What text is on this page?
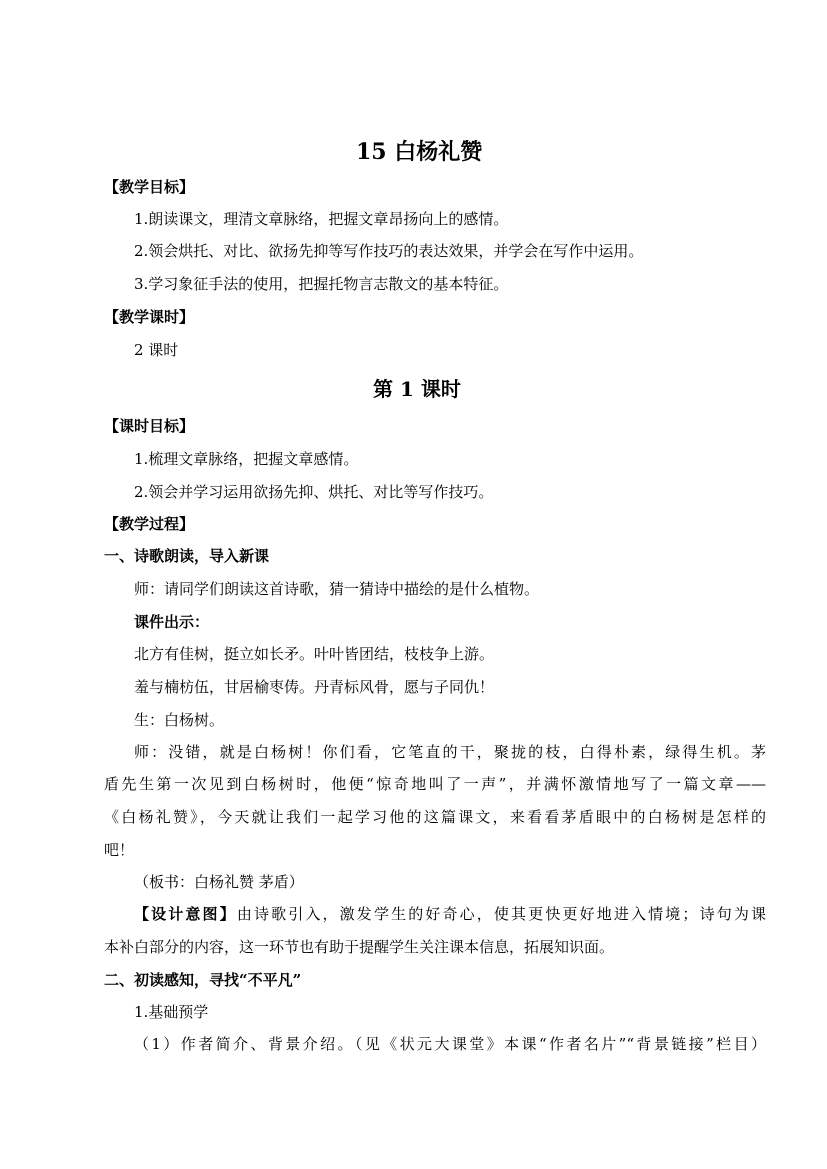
15 白杨礼赞
【教学目标】
1.朗读课文，理清文章脉络，把握文章昂扬向上的感情。
2.领会烘托、对比、欲扬先抑等写作技巧的表达效果，并学会在写作中运用。
3.学习象征手法的使用，把握托物言志散文的基本特征。
【教学课时】
2 课时
第 1 课时
【课时目标】
1.梳理文章脉络，把握文章感情。
2.领会并学习运用欲扬先抑、烘托、对比等写作技巧。
【教学过程】
一、诗歌朗读，导入新课
师：请同学们朗读这首诗歌，猜一猜诗中描绘的是什么植物。
课件出示：
北方有佳树，挺立如长矛。叶叶皆团结，枝枝争上游。
羞与楠枋伍，甘居榆枣俦。丹青标风骨，愿与子同仇！
生：白杨树。
师：没错，就是白杨树！你们看，它笔直的干，聚拢的枝，白得朴素，绿得生机。茅
盾先生第一次见到白杨树时，他便“惊奇地叫了一声”，并满怀激情地写了一篇文章——
《白杨礼赞》，今天就让我们一起学习他的这篇课文，来看看茅盾眼中的白杨树是怎样的
吧！
（板书：白杨礼赞 茅盾）
【设计意图】由诗歌引入，激发学生的好奇心，使其更快更好地进入情境；诗句为课
本补白部分的内容，这一环节也有助于提醒学生关注课本信息，拓展知识面。
二、初读感知，寻找“不平凡”
1.基础预学
（1）作者简介、背景介绍。（见《状元大课堂》本课“作者名片”“背景链接”栏目）
